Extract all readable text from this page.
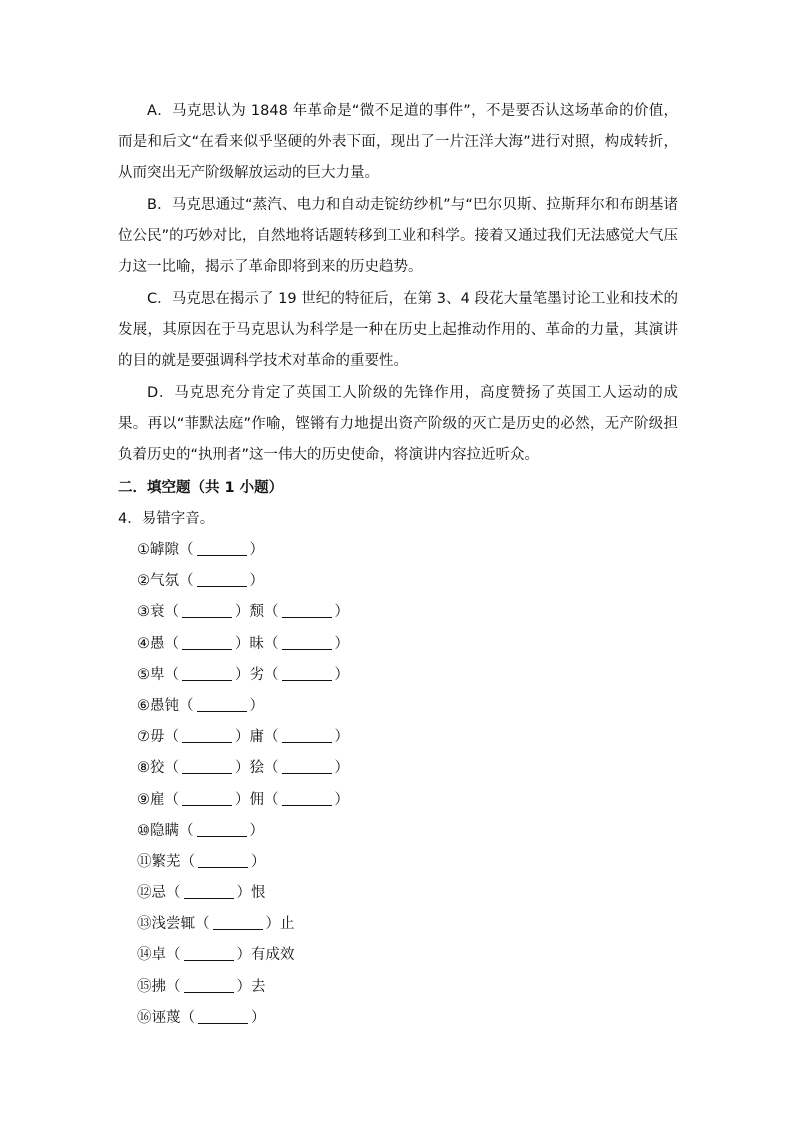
A．马克思认为 1848 年革命是“微不足道的事件”，不是要否认这场革命的价值，而是和后文“在看来似乎坚硬的外表下面，现出了一片汪洋大海”进行对照，构成转折，从而突出无产阶级解放运动的巨大力量。

B．马克思通过“蒸汽、电力和自动走锭纺纱机”与“巴尔贝斯、拉斯拜尔和布朗基诸位公民”的巧妙对比，自然地将话题转移到工业和科学。接着又通过我们无法感觉大气压力这一比喻，揭示了革命即将到来的历史趋势。

C．马克思在揭示了 19 世纪的特征后，在第 3、4 段花大量笔墨讨论工业和技术的发展，其原因在于马克思认为科学是一种在历史上起推动作用的、革命的力量，其演讲的目的就是要强调科学技术对革命的重要性。

D．马克思充分肯定了英国工人阶级的先锋作用，高度赞扬了英国工人运动的成果。再以“菲默法庭”作喻，铿锵有力地提出资产阶级的灭亡是历史的必然，无产阶级担负着历史的“执刑者”这一伟大的历史使命，将演讲内容拉近听众。

二．填空题（共 1 小题）

4．易错字音。

①罅隙（	）
②气氛（	）
③衰（	）颓（	）
④愚（	）昧（	）
⑤卑（	）劣（	）
⑥愚钝（	）
⑦毋（	）庸（	）
⑧狡（	）狯（	）
⑨雇（	）佣（	）
⑩隐瞒（	）
⑪繁芜（	）
⑫忌（	）恨
⑬浅尝辄（	）止
⑭卓（	）有成效
⑮拂（	）去
⑯诬蔑（	）
